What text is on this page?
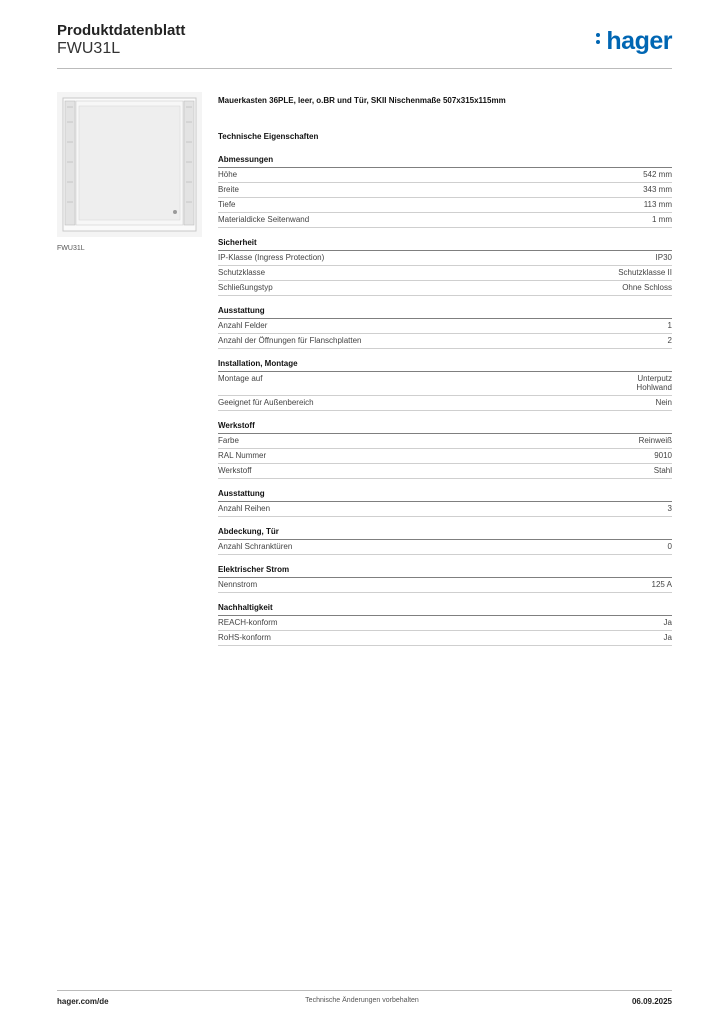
Produktdatenblatt
FWU31L	hager
FWU31L
Mauerkasten 36PLE, leer, o.BR und Tür, SKII Nischenmaße 507x315x115mm
Technische Eigenschaften
Abmessungen
Höhe	542 mm
Breite	343 mm
Tiefe	113 mm
Materialdicke Seitenwand	1 mm
Sicherheit
IP-Klasse (Ingress Protection)	IP30
Schutzklasse	Schutzklasse II
Schließungstyp	Ohne Schloss
Ausstattung
Anzahl Felder	1
Anzahl der Öffnungen für Flanschplatten	2
Installation, Montage
Montage auf	Unterputz
Hohlwand
Geeignet für Außenbereich	Nein
Werkstoff
Farbe	Reinweiß
RAL Nummer	9010
Werkstoff	Stahl
Ausstattung
Anzahl Reihen	3
Abdeckung, Tür
Anzahl Schranktüren	0
Elektrischer Strom
Nennstrom	125 A
Nachhaltigkeit
REACH-konform	Ja
RoHS-konform	Ja
hager.com/de	Technische Änderungen vorbehalten	06.09.2025
